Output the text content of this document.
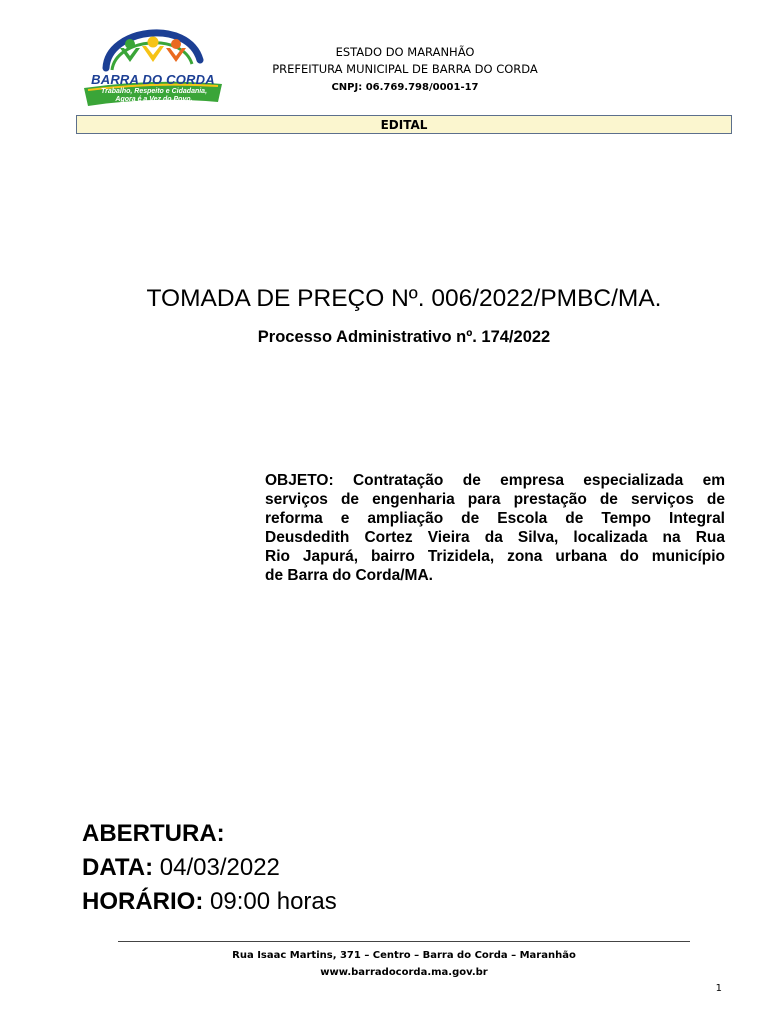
BARRA DO CORDA
Trabalho, Respeito e Cidadania,
Agora é a Vez do Povo.
ESTADO DO MARANHÃO
PREFEITURA MUNICIPAL DE BARRA DO CORDA
CNPJ: 06.769.798/0001-17
EDITAL
TOMADA DE PREÇO Nº. 006/2022/PMBC/MA.
Processo Administrativo nº. 174/2022
OBJETO: Contratação de empresa especializada em
serviços de engenharia para prestação de serviços de
reforma e ampliação de Escola de Tempo Integral
Deusdedith Cortez Vieira da Silva, localizada na Rua
Rio Japurá, bairro Trizidela, zona urbana do município
de Barra do Corda/MA.
ABERTURA:
DATA: 04/03/2022
HORÁRIO: 09:00 horas
Rua Isaac Martins, 371 – Centro – Barra do Corda – Maranhão
www.barradocorda.ma.gov.br
1
